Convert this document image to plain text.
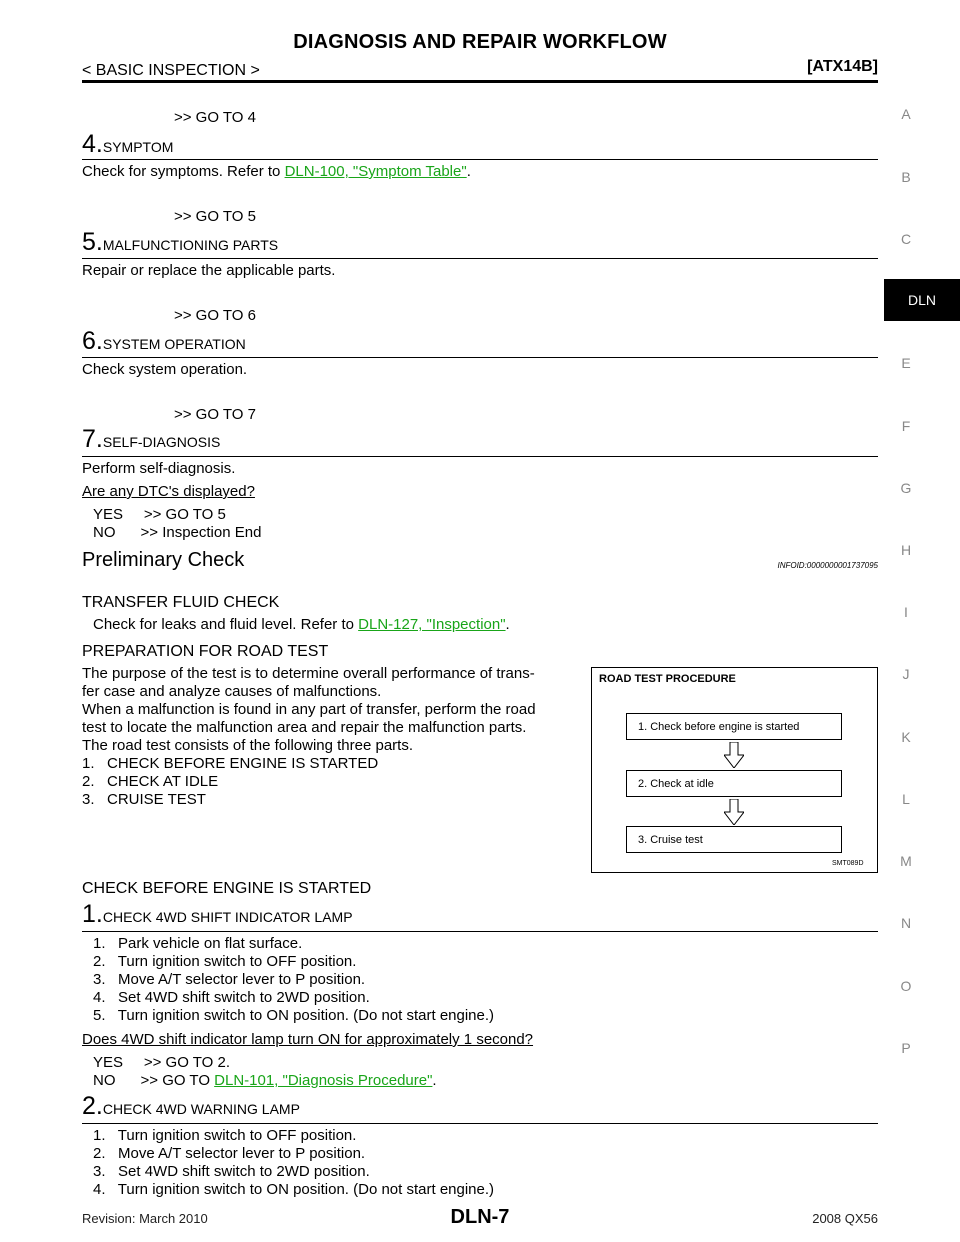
DIAGNOSIS AND REPAIR WORKFLOW
< BASIC INSPECTION >	[ATX14B]
A
B
C
DLN
E
F
G
H
I
J
K
L
M
N
O
P
>> GO TO 4
4.SYMPTOM
Check for symptoms. Refer to DLN-100, "Symptom Table".
>> GO TO 5
5.MALFUNCTIONING PARTS
Repair or replace the applicable parts.
>> GO TO 6
6.SYSTEM OPERATION
Check system operation.
>> GO TO 7
7.SELF-DIAGNOSIS
Perform self-diagnosis.
Are any DTC's displayed?
YES     >> GO TO 5
NO      >> Inspection End
Preliminary Check	INFOID:0000000001737095
TRANSFER FLUID CHECK
Check for leaks and fluid level. Refer to DLN-127, "Inspection".
PREPARATION FOR ROAD TEST
The purpose of the test is to determine overall performance of trans-
fer case and analyze causes of malfunctions.
When a malfunction is found in any part of transfer, perform the road
test to locate the malfunction area and repair the malfunction parts.
The road test consists of the following three parts.
1.   CHECK BEFORE ENGINE IS STARTED
2.   CHECK AT IDLE
3.   CRUISE TEST
ROAD TEST PROCEDURE
1. Check before engine is started
2. Check at idle
3. Cruise test
SMT089D
CHECK BEFORE ENGINE IS STARTED
1.CHECK 4WD SHIFT INDICATOR LAMP
1.   Park vehicle on flat surface.
2.   Turn ignition switch to OFF position.
3.   Move A/T selector lever to P position.
4.   Set 4WD shift switch to 2WD position.
5.   Turn ignition switch to ON position. (Do not start engine.)
Does 4WD shift indicator lamp turn ON for approximately 1 second?
YES     >> GO TO 2.
NO      >> GO TO DLN-101, "Diagnosis Procedure".
2.CHECK 4WD WARNING LAMP
1.   Turn ignition switch to OFF position.
2.   Move A/T selector lever to P position.
3.   Set 4WD shift switch to 2WD position.
4.   Turn ignition switch to ON position. (Do not start engine.)
Revision: March 2010	DLN-7	2008 QX56
